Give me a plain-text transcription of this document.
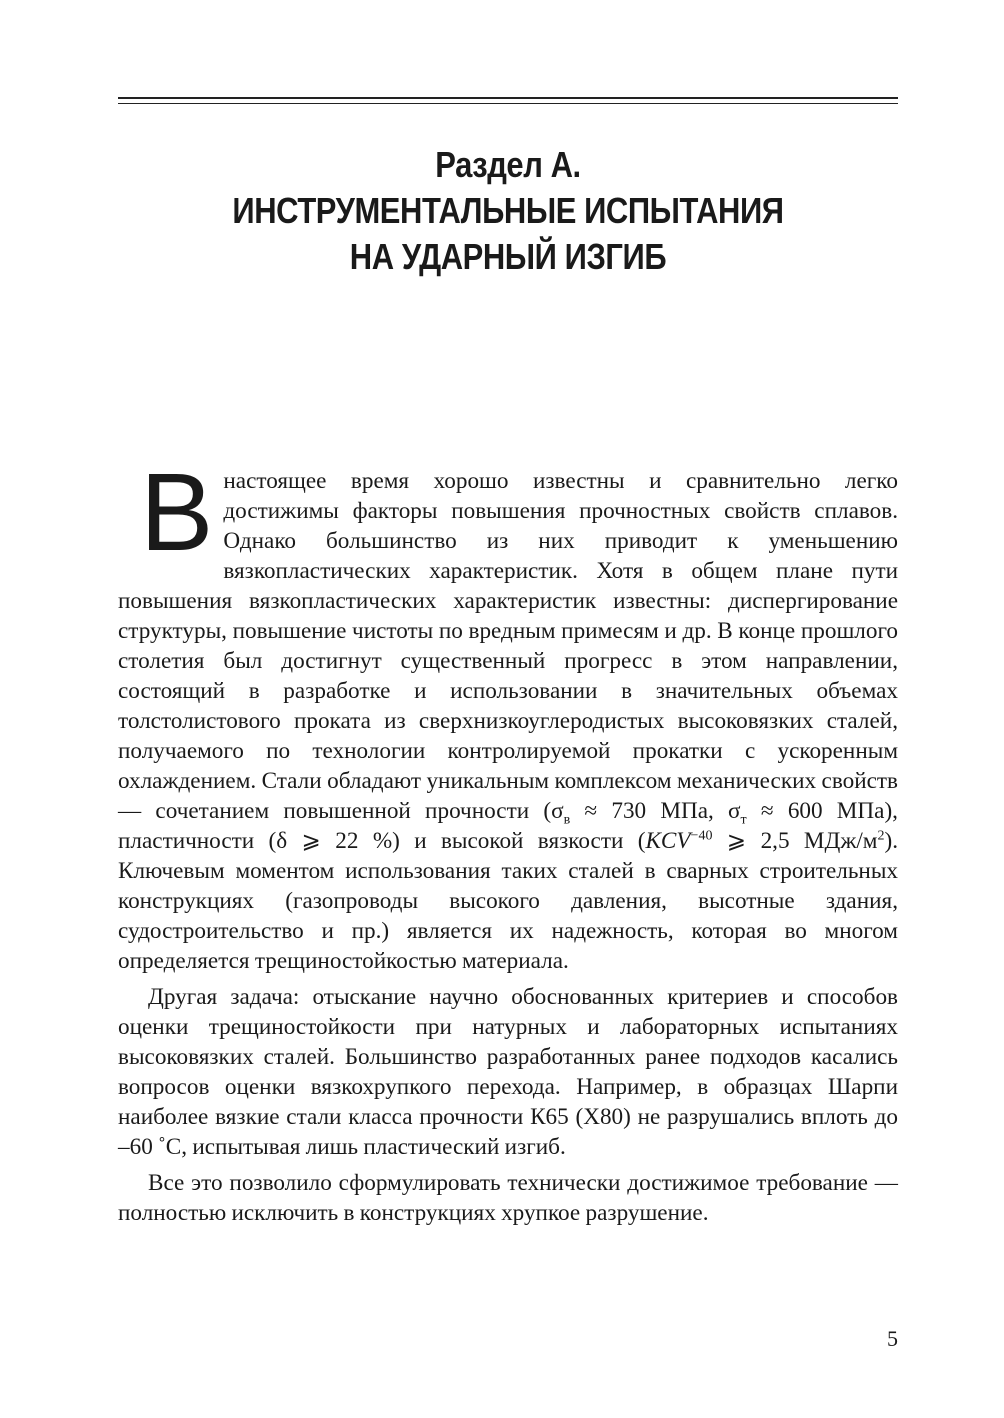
Раздел А.
ИНСТРУМЕНТАЛЬНЫЕ ИСПЫТАНИЯ
НА УДАРНЫЙ ИЗГИБ

Внастоящее время хорошо известны и сравнительно легко достижимы факторы повышения прочностных свойств сплавов. Однако большинство из них приводит к уменьшению вязкопластических характеристик. Хотя в общем плане пути повышения вязкопластических характеристик известны: диспергирование структуры, повышение чистоты по вредным примесям и др. В конце прошлого столетия был достигнут существенный прогресс в этом направлении, состоящий в разработке и использовании в значительных объемах толстолистового проката из сверхнизкоуглеродистых высоковязких сталей, получаемого по технологии контролируемой прокатки с ускоренным охлаждением. Стали обладают уникальным комплексом механических свойств — сочетанием повышенной прочности ($\sigma_в \approx 730$ МПа, $\sigma_т \approx 600$ МПа), пластичности (δ ⩾ 22 %) и высокой вязкости ($KCV^{-40}$ ⩾ 2,5 МДж/$м^2$). Ключевым моментом использования таких сталей в сварных строительных конструкциях (газопроводы высокого давления, высотные здания, судостроительство и пр.) является их надежность, которая во многом определяется трещиностойкостью материала.

Другая задача: отыскание научно обоснованных критериев и способов оценки трещиностойкости при натурных и лабораторных испытаниях высоковязких сталей. Большинство разработанных ранее подходов касались вопросов оценки вязкохрупкого перехода. Например, в образцах Шарпи наиболее вязкие стали класса прочности К65 (Х80) не разрушались вплоть до –60 ˚С, испытывая лишь пластический изгиб.

Все это позволило сформулировать технически достижимое требование — полностью исключить в конструкциях хрупкое разрушение.

5
